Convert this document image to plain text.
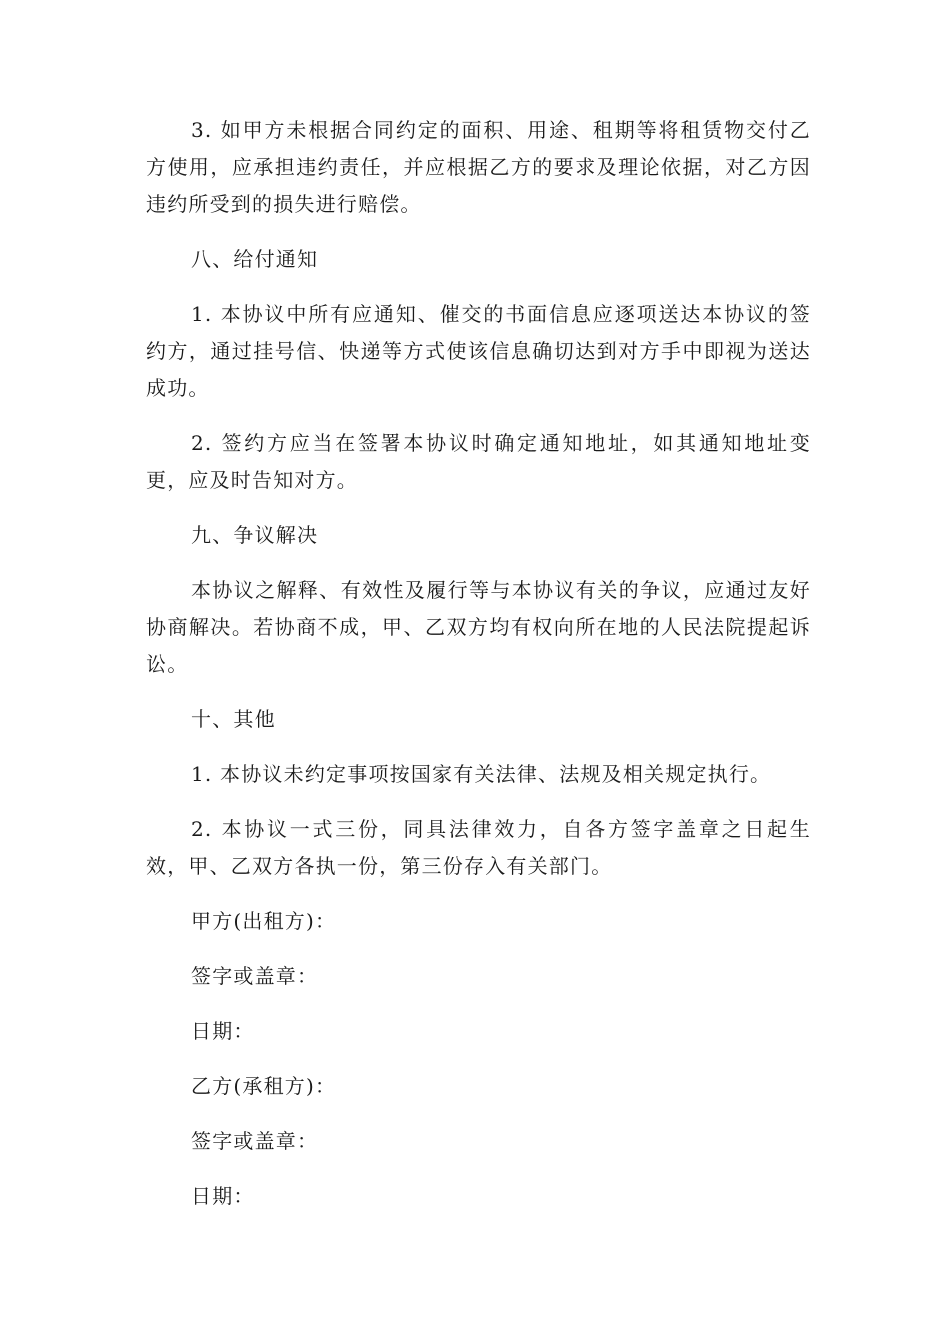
3. 如甲方未根据合同约定的面积、用途、租期等将租赁物交付乙方使用，应承担违约责任，并应根据乙方的要求及理论依据，对乙方因违约所受到的损失进行赔偿。

八、给付通知

1. 本协议中所有应通知、催交的书面信息应逐项送达本协议的签约方，通过挂号信、快递等方式使该信息确切达到对方手中即视为送达成功。

2. 签约方应当在签署本协议时确定通知地址，如其通知地址变更，应及时告知对方。

九、争议解决

本协议之解释、有效性及履行等与本协议有关的争议，应通过友好协商解决。若协商不成，甲、乙双方均有权向所在地的人民法院提起诉讼。

十、其他

1. 本协议未约定事项按国家有关法律、法规及相关规定执行。

2. 本协议一式三份，同具法律效力，自各方签字盖章之日起生效，甲、乙双方各执一份，第三份存入有关部门。

甲方(出租方)：

签字或盖章：

日期：

乙方(承租方)：

签字或盖章：

日期：
